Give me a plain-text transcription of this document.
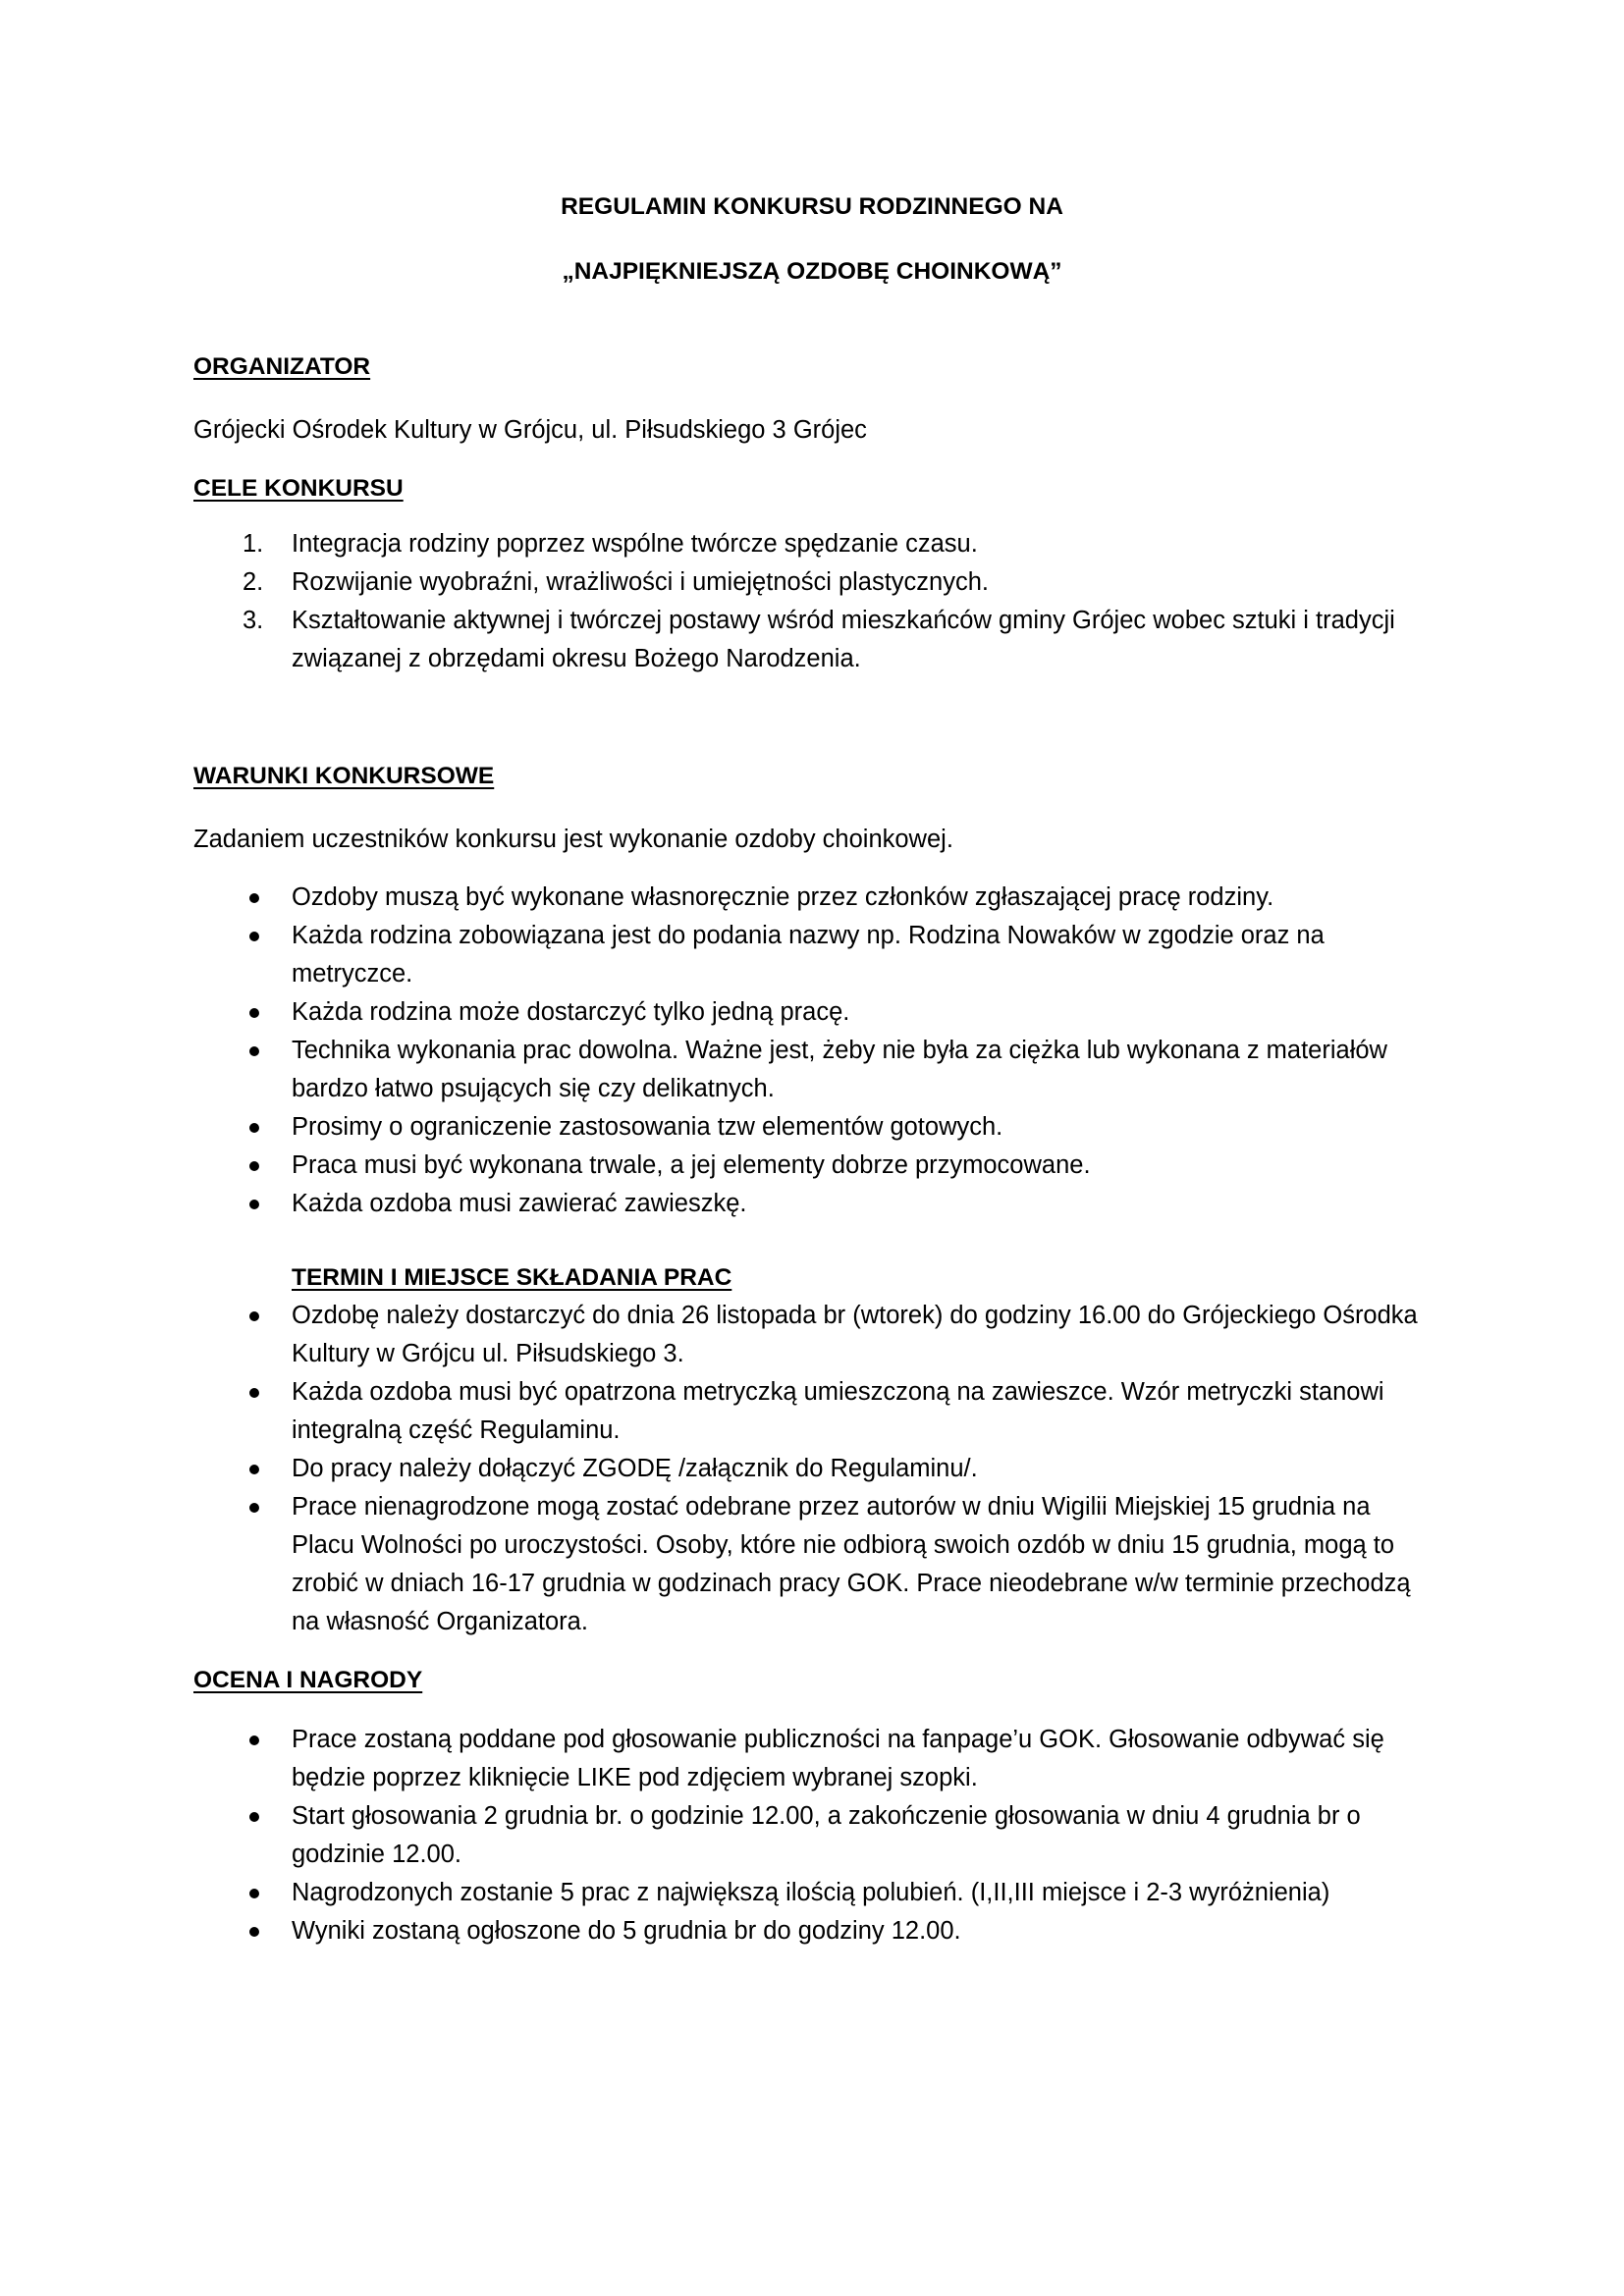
REGULAMIN KONKURSU RODZINNEGO NA

„NAJPIĘKNIEJSZĄ OZDOBĘ CHOINKOWĄ”

ORGANIZATOR

Grójecki Ośrodek Kultury w Grójcu, ul. Piłsudskiego 3 Grójec

CELE KONKURSU

1. Integracja rodziny poprzez wspólne twórcze spędzanie czasu.
2. Rozwijanie wyobraźni, wrażliwości i umiejętności plastycznych.
3. Kształtowanie aktywnej i twórczej postawy wśród mieszkańców gminy Grójec wobec sztuki i tradycji związanej z obrzędami okresu Bożego Narodzenia.

WARUNKI KONKURSOWE

Zadaniem uczestników konkursu jest wykonanie ozdoby choinkowej.

Ozdoby muszą być wykonane własnoręcznie przez członków zgłaszającej pracę rodziny.
Każda rodzina zobowiązana jest do podania nazwy np. Rodzina Nowaków w zgodzie oraz na metryczce.
Każda rodzina może dostarczyć tylko jedną pracę.
Technika wykonania prac dowolna. Ważne jest, żeby nie była za ciężka lub wykonana z materiałów bardzo łatwo psujących się czy delikatnych.
Prosimy o ograniczenie zastosowania tzw elementów gotowych.
Praca musi być wykonana trwale, a jej elementy dobrze przymocowane.
Każda ozdoba musi zawierać zawieszkę.

TERMIN I MIEJSCE SKŁADANIA PRAC

Ozdobę należy dostarczyć do dnia 26 listopada br (wtorek) do godziny 16.00 do Grójeckiego Ośrodka Kultury w Grójcu ul. Piłsudskiego 3.
Każda ozdoba musi być opatrzona metryczką umieszczoną na zawieszce. Wzór metryczki stanowi integralną część Regulaminu.
Do pracy należy dołączyć ZGODĘ /załącznik do Regulaminu/.
Prace nienagrodzone mogą zostać odebrane przez autorów w dniu Wigilii Miejskiej 15 grudnia na Placu Wolności po uroczystości. Osoby, które nie odbiorą swoich ozdób w dniu 15 grudnia, mogą to zrobić w dniach 16-17 grudnia w godzinach pracy GOK. Prace nieodebrane w/w terminie przechodzą na własność Organizatora.

OCENA I NAGRODY

Prace zostaną poddane pod głosowanie publiczności na fanpage’u GOK. Głosowanie odbywać się będzie poprzez kliknięcie LIKE pod zdjęciem wybranej szopki.
Start głosowania 2 grudnia br. o godzinie 12.00, a zakończenie głosowania w dniu 4 grudnia br o godzinie 12.00.
Nagrodzonych zostanie 5 prac z największą ilością polubień. (I,II,III miejsce i 2-3 wyróżnienia)
Wyniki zostaną ogłoszone do 5 grudnia br do godziny 12.00.
